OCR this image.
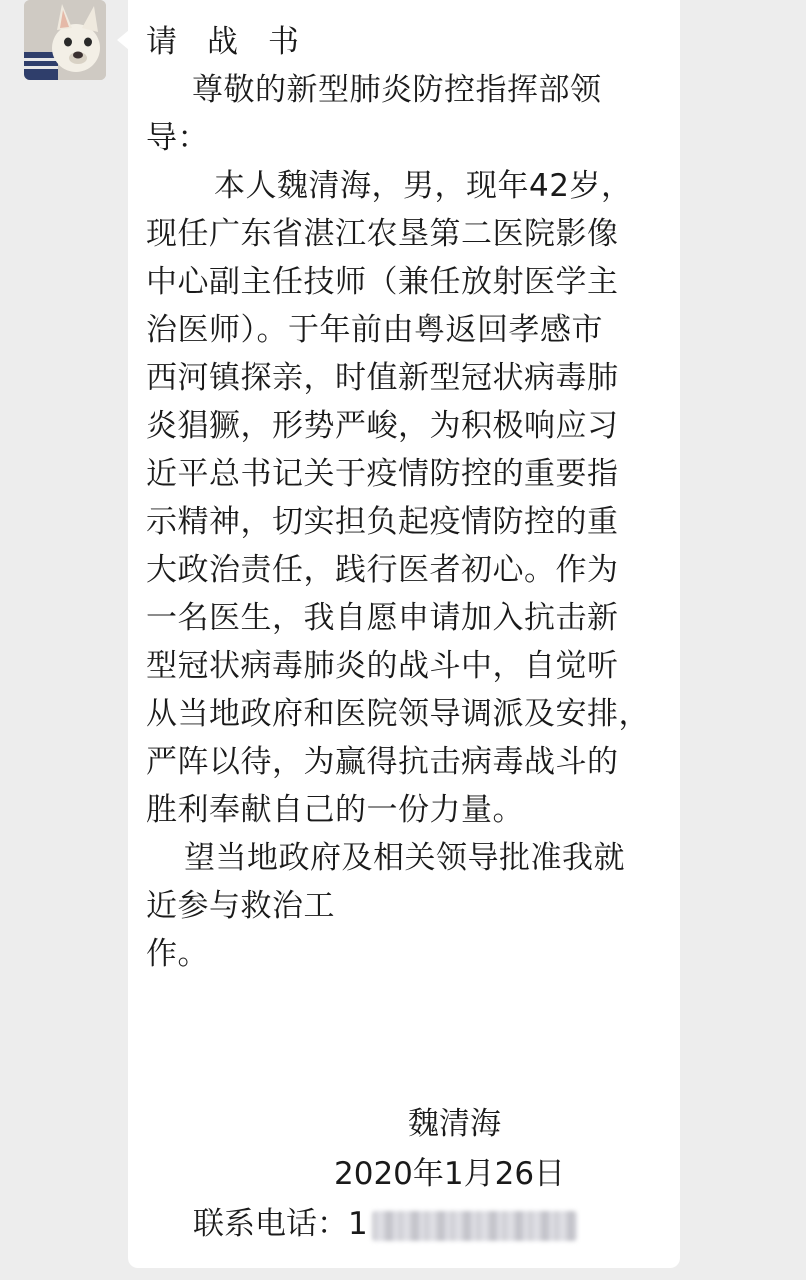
请战书
尊敬的新型肺炎防控指挥部领
导：
本人魏清海，男，现年42岁，
现任广东省湛江农垦第二医院影像
中心副主任技师（兼任放射医学主
治医师）。于年前由粤返回孝感市
西河镇探亲，时值新型冠状病毒肺
炎猖獗，形势严峻，为积极响应习
近平总书记关于疫情防控的重要指
示精神，切实担负起疫情防控的重
大政治责任，践行医者初心。作为
一名医生，我自愿申请加入抗击新
型冠状病毒肺炎的战斗中，自觉听
从当地政府和医院领导调派及安排，
严阵以待，为赢得抗击病毒战斗的
胜利奉献自己的一份力量。
望当地政府及相关领导批准我就
近参与救治工
作。
魏清海
2020年1月26日
联系电话：1
